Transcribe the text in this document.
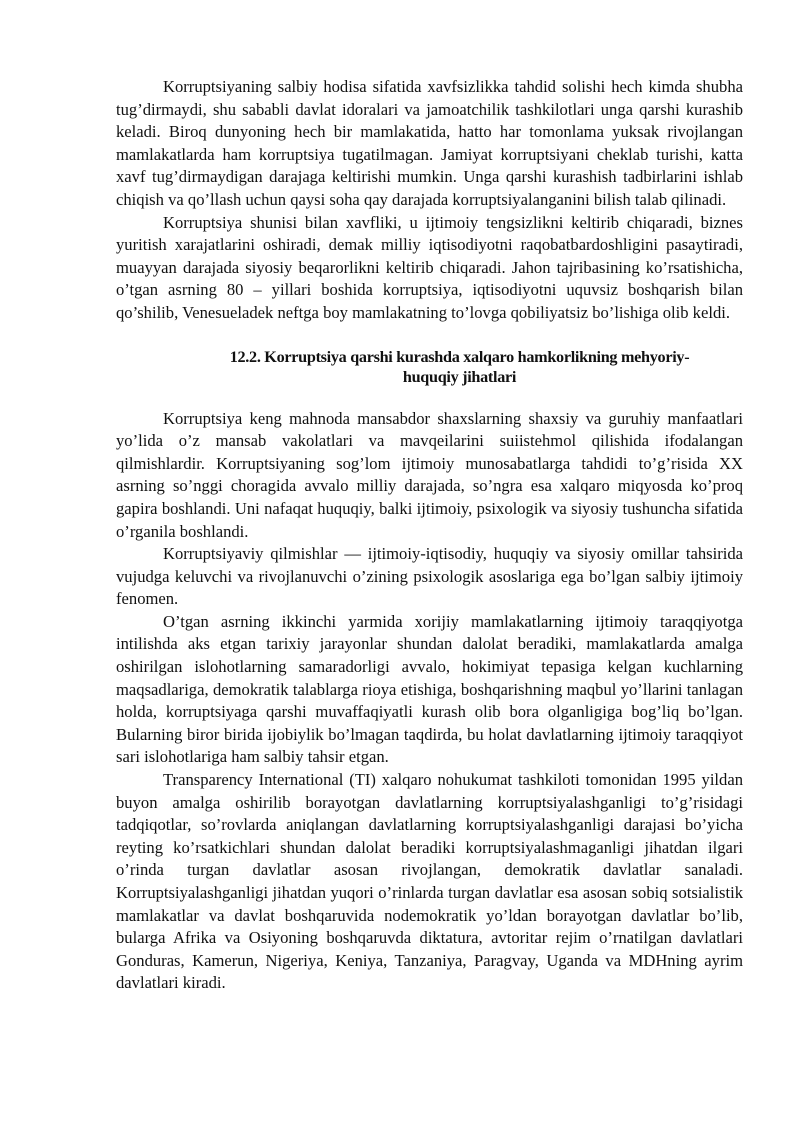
Korruptsiyaning salbiy hodisa sifatida xavfsizlikka tahdid solishi hech kimda shubha tug’dirmaydi, shu sababli davlat idoralari va jamoatchilik tashkilotlari unga qarshi kurashib keladi. Biroq dunyoning hech bir mamlakatida, hatto har tomonlama yuksak rivojlangan mamlakatlarda ham korruptsiya tugatilmagan. Jamiyat korruptsiyani cheklab turishi, katta xavf tug’dirmaydigan darajaga keltirishi mumkin. Unga qarshi kurashish tadbirlarini ishlab chiqish va qo’llash uchun qaysi soha qay darajada korruptsiyalanganini bilish talab qilinadi.

Korruptsiya shunisi bilan xavfliki, u ijtimoiy tengsizlikni keltirib chiqaradi, biznes yuritish xarajatlarini oshiradi, demak milliy iqtisodiyotni raqobatbardoshligini pasaytiradi, muayyan darajada siyosiy beqarorlikni keltirib chiqaradi. Jahon tajribasining ko’rsatishicha, o’tgan asrning 80 – yillari boshida korruptsiya, iqtisodiyotni uquvsiz boshqarish bilan qo’shilib, Venesueladek neftga boy mamlakatning to’lovga qobiliyatsiz bo’lishiga olib keldi.

12.2. Korruptsiya qarshi kurashda xalqaro hamkorlikning mehyoriy-
huquqiy jihatlari

Korruptsiya keng mahnoda mansabdor shaxslarning shaxsiy va guruhiy manfaatlari yo’lida o’z mansab vakolatlari va mavqeilarini suiistehmol qilishida ifodalangan qilmishlardir. Korruptsiyaning sog’lom ijtimoiy munosabatlarga tahdidi to’g’risida XX asrning so’nggi choragida avvalo milliy darajada, so’ngra esa xalqaro miqyosda ko’proq gapira boshlandi. Uni nafaqat huquqiy, balki ijtimoiy, psixologik va siyosiy tushuncha sifatida o’rganila boshlandi.

Korruptsiyaviy qilmishlar — ijtimoiy-iqtisodiy, huquqiy va siyosiy omillar tahsirida vujudga keluvchi va rivojlanuvchi o’zining psixologik asoslariga ega bo’lgan salbiy ijtimoiy fenomen.

O’tgan asrning ikkinchi yarmida xorijiy mamlakatlarning ijtimoiy taraqqiyotga intilishda aks etgan tarixiy jarayonlar shundan dalolat beradiki, mamlakatlarda amalga oshirilgan islohotlarning samaradorligi avvalo, hokimiyat tepasiga kelgan kuchlarning maqsadlariga, demokratik talablarga rioya etishiga, boshqarishning maqbul yo’llarini tanlagan holda, korruptsiyaga qarshi muvaffaqiyatli kurash olib bora olganligiga bog’liq bo’lgan. Bularning biror birida ijobiylik bo’lmagan taqdirda, bu holat davlatlarning ijtimoiy taraqqiyot sari islohotlariga ham salbiy tahsir etgan.

Transparency International (TI) xalqaro nohukumat tashkiloti tomonidan 1995 yildan buyon amalga oshirilib borayotgan davlatlarning korruptsiyalashganligi to’g’risidagi tadqiqotlar, so’rovlarda aniqlangan davlatlarning korruptsiyalashganligi darajasi bo’yicha reyting ko’rsatkichlari shundan dalolat beradiki korruptsiyalashmaganligi jihatdan ilgari o’rinda turgan davlatlar asosan rivojlangan, demokratik davlatlar sanaladi. Korruptsiyalashganligi jihatdan yuqori o’rinlarda turgan davlatlar esa asosan sobiq sotsialistik mamlakatlar va davlat boshqaruvida nodemokratik yo’ldan borayotgan davlatlar bo’lib, bularga Afrika va Osiyoning boshqaruvda diktatura, avtoritar rejim o’rnatilgan davlatlari Gonduras, Kamerun, Nigeriya, Keniya, Tanzaniya, Paragvay, Uganda va MDHning ayrim davlatlari kiradi.
